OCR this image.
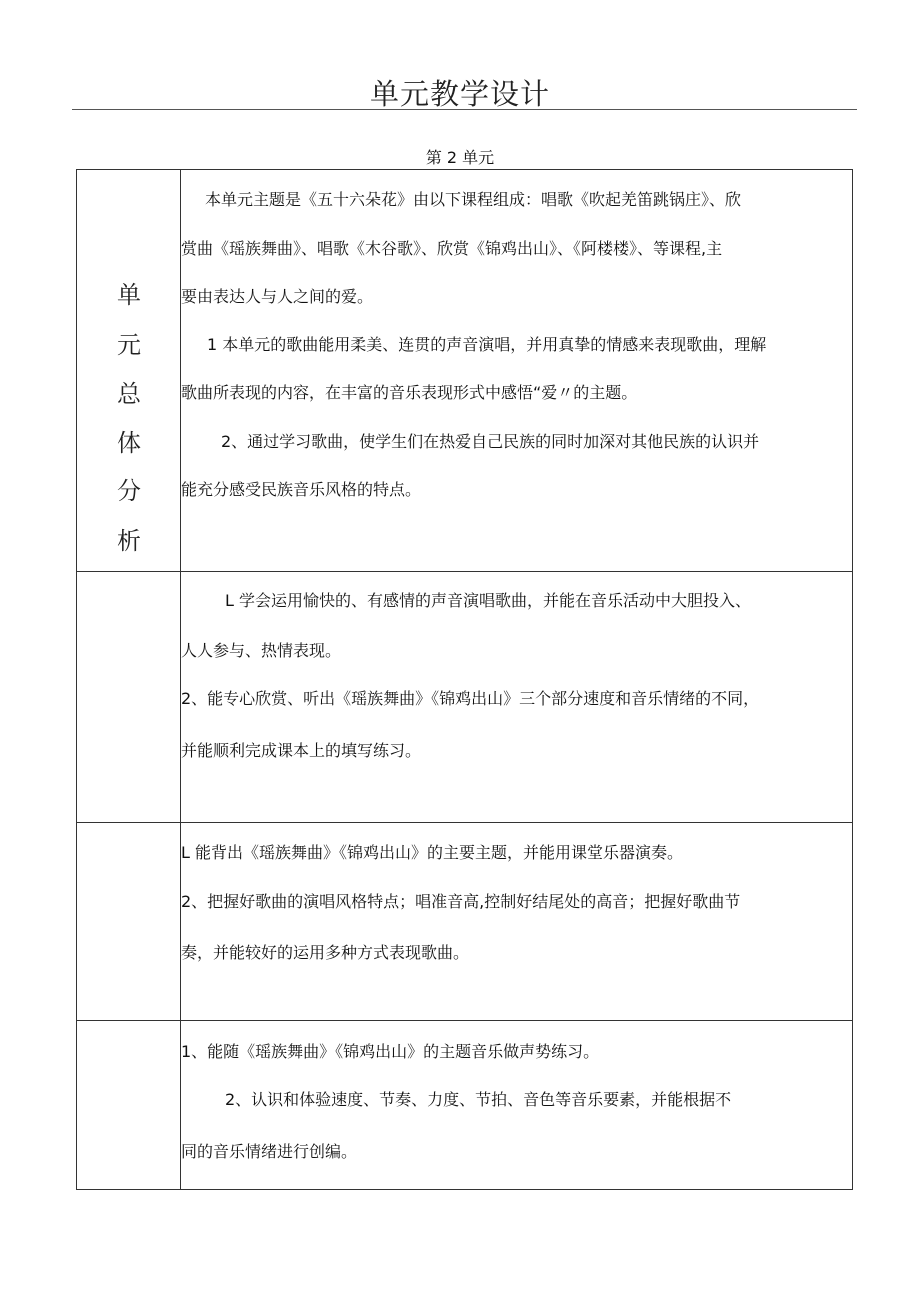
单元教学设计
第 2 单元
单
元
总
体
分
析
本单元主题是《五十六朵花》由以下课程组成：唱歌《吹起羌笛跳锅庄》、欣
赏曲《瑶族舞曲》、唱歌《木谷歌》、欣赏《锦鸡出山》、《阿楼楼》、等课程,主
要由表达人与人之间的爱。
1 本单元的歌曲能用柔美、连贯的声音演唱，并用真挚的情感来表现歌曲，理解
歌曲所表现的内容，在丰富的音乐表现形式中感悟“爱〃的主题。
2、通过学习歌曲，使学生们在热爱自己民族的同时加深对其他民族的认识并
能充分感受民族音乐风格的特点。
L 学会运用愉快的、有感情的声音演唱歌曲，并能在音乐活动中大胆投入、
人人参与、热情表现。
2、能专心欣赏、听出《瑶族舞曲》《锦鸡出山》三个部分速度和音乐情绪的不同，
并能顺利完成课本上的填写练习。
L 能背出《瑶族舞曲》《锦鸡出山》的主要主题，并能用课堂乐器演奏。
2、把握好歌曲的演唱风格特点；唱准音高,控制好结尾处的高音；把握好歌曲节
奏，并能较好的运用多种方式表现歌曲。
1、能随《瑶族舞曲》《锦鸡出山》的主题音乐做声势练习。
2、认识和体验速度、节奏、力度、节拍、音色等音乐要素，并能根据不
同的音乐情绪进行创编。
